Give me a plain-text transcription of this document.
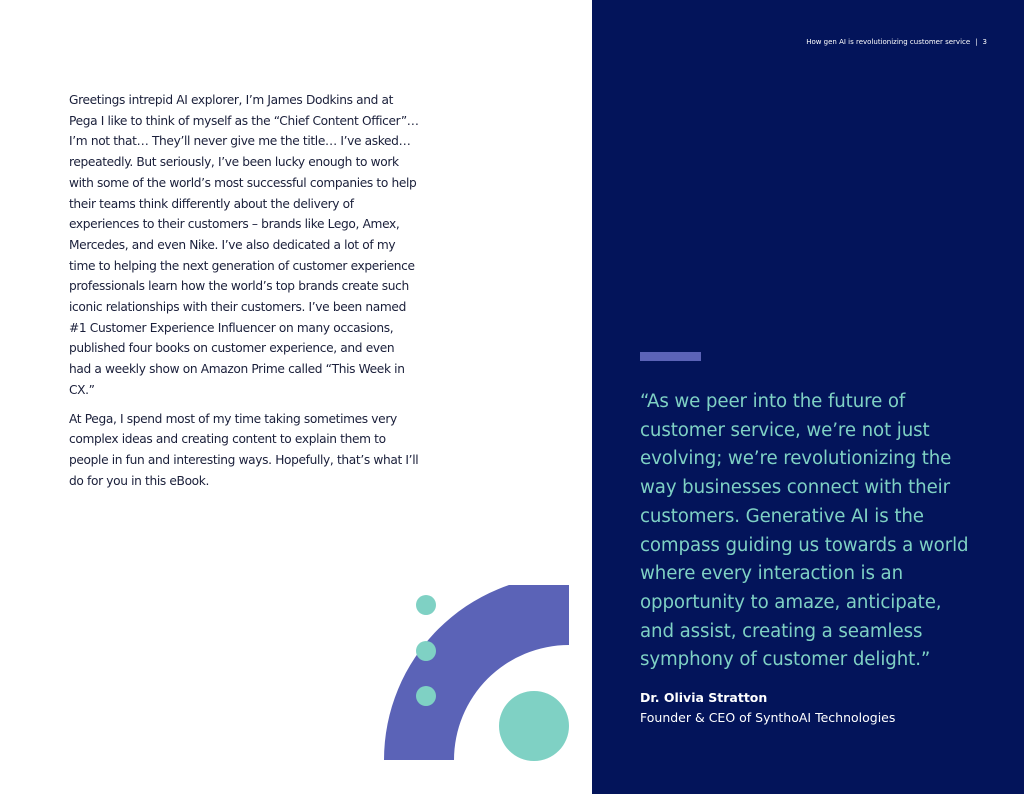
Greetings intrepid AI explorer, I’m James Dodkins and at Pega I like to think of myself as the “Chief Content Officer”… I’m not that… They’ll never give me the title… I’ve asked…repeatedly. But seriously, I’ve been lucky enough to work with some of the world’s most successful companies to help their teams think differently about the delivery of experiences to their customers – brands like Lego, Amex, Mercedes, and even Nike. I’ve also dedicated a lot of my time to helping the next generation of customer experience professionals learn how the world’s top brands create such iconic relationships with their customers. I’ve been named #1 Customer Experience Influencer on many occasions, published four books on customer experience, and even had a weekly show on Amazon Prime called “This Week in CX.”

At Pega, I spend most of my time taking sometimes very complex ideas and creating content to explain them to people in fun and interesting ways. Hopefully, that’s what I’ll do for you in this eBook.

How gen AI is revolutionizing customer service | 3
“As we peer into the future of customer service, we’re not just evolving; we’re revolutionizing the way businesses connect with their customers. Generative AI is the compass guiding us towards a world where every interaction is an opportunity to amaze, anticipate, and assist, creating a seamless symphony of customer delight.”
Dr. Olivia Stratton
Founder & CEO of SynthoAI Technologies
